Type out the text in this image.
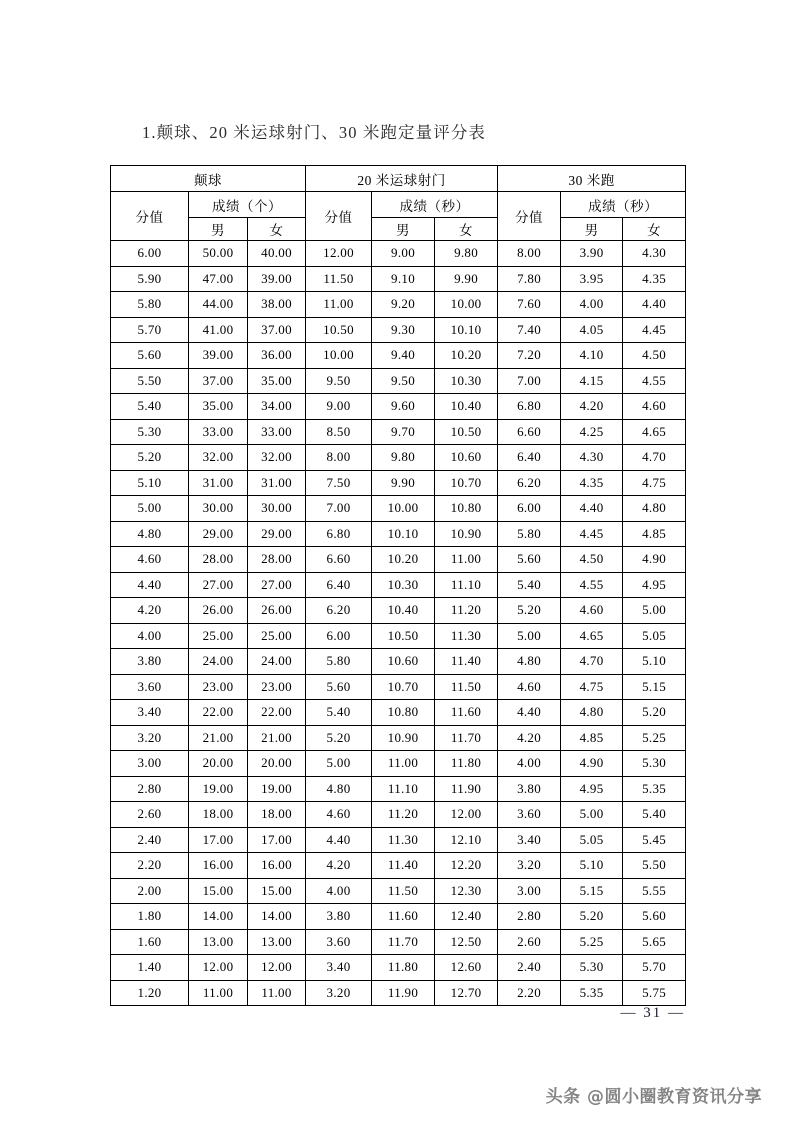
1.颠球、20 米运球射门、30 米跑定量评分表
颠球			20 米运球射门			30 米跑		
分值	成绩（个）		分值	成绩（秒）		分值	成绩（秒）	
	男	女		男	女		男	女
6.00	50.00	40.00	12.00	9.00	9.80	8.00	3.90	4.30
5.90	47.00	39.00	11.50	9.10	9.90	7.80	3.95	4.35
5.80	44.00	38.00	11.00	9.20	10.00	7.60	4.00	4.40
5.70	41.00	37.00	10.50	9.30	10.10	7.40	4.05	4.45
5.60	39.00	36.00	10.00	9.40	10.20	7.20	4.10	4.50
5.50	37.00	35.00	9.50	9.50	10.30	7.00	4.15	4.55
5.40	35.00	34.00	9.00	9.60	10.40	6.80	4.20	4.60
5.30	33.00	33.00	8.50	9.70	10.50	6.60	4.25	4.65
5.20	32.00	32.00	8.00	9.80	10.60	6.40	4.30	4.70
5.10	31.00	31.00	7.50	9.90	10.70	6.20	4.35	4.75
5.00	30.00	30.00	7.00	10.00	10.80	6.00	4.40	4.80
4.80	29.00	29.00	6.80	10.10	10.90	5.80	4.45	4.85
4.60	28.00	28.00	6.60	10.20	11.00	5.60	4.50	4.90
4.40	27.00	27.00	6.40	10.30	11.10	5.40	4.55	4.95
4.20	26.00	26.00	6.20	10.40	11.20	5.20	4.60	5.00
4.00	25.00	25.00	6.00	10.50	11.30	5.00	4.65	5.05
3.80	24.00	24.00	5.80	10.60	11.40	4.80	4.70	5.10
3.60	23.00	23.00	5.60	10.70	11.50	4.60	4.75	5.15
3.40	22.00	22.00	5.40	10.80	11.60	4.40	4.80	5.20
3.20	21.00	21.00	5.20	10.90	11.70	4.20	4.85	5.25
3.00	20.00	20.00	5.00	11.00	11.80	4.00	4.90	5.30
2.80	19.00	19.00	4.80	11.10	11.90	3.80	4.95	5.35
2.60	18.00	18.00	4.60	11.20	12.00	3.60	5.00	5.40
2.40	17.00	17.00	4.40	11.30	12.10	3.40	5.05	5.45
2.20	16.00	16.00	4.20	11.40	12.20	3.20	5.10	5.50
2.00	15.00	15.00	4.00	11.50	12.30	3.00	5.15	5.55
1.80	14.00	14.00	3.80	11.60	12.40	2.80	5.20	5.60
1.60	13.00	13.00	3.60	11.70	12.50	2.60	5.25	5.65
1.40	12.00	12.00	3.40	11.80	12.60	2.40	5.30	5.70
1.20	11.00	11.00	3.20	11.90	12.70	2.20	5.35	5.75
— 31 —
头条 @圆小圈教育资讯分享
